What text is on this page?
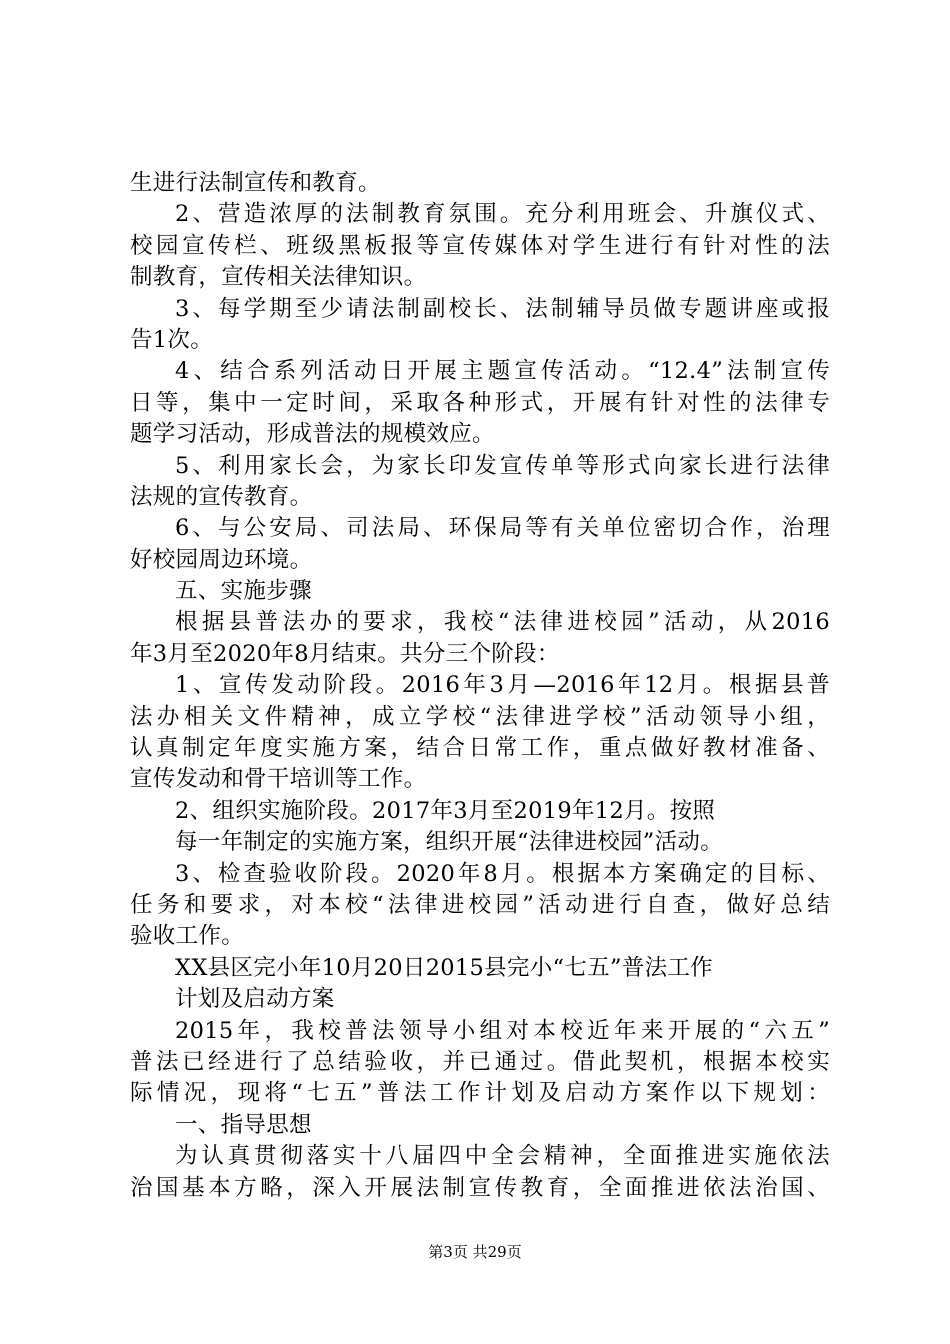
生进行法制宣传和教育。
2、营造浓厚的法制教育氛围。充分利用班会、升旗仪式、
校园宣传栏、班级黑板报等宣传媒体对学生进行有针对性的法
制教育，宣传相关法律知识。
3、每学期至少请法制副校长、法制辅导员做专题讲座或报
告1次。
4、结合系列活动日开展主题宣传活动。“12.4”法制宣传
日等，集中一定时间，采取各种形式，开展有针对性的法律专
题学习活动，形成普法的规模效应。
5、利用家长会，为家长印发宣传单等形式向家长进行法律
法规的宣传教育。
6、与公安局、司法局、环保局等有关单位密切合作，治理
好校园周边环境。
五、实施步骤
根据县普法办的要求，我校“法律进校园”活动，从2016
年3月至2020年8月结束。共分三个阶段：
1、宣传发动阶段。2016年3月—2016年12月。根据县普
法办相关文件精神，成立学校“法律进学校”活动领导小组，
认真制定年度实施方案，结合日常工作，重点做好教材准备、
宣传发动和骨干培训等工作。
2、组织实施阶段。2017年3月至2019年12月。按照
每一年制定的实施方案，组织开展“法律进校园”活动。
3、检查验收阶段。2020年8月。根据本方案确定的目标、
任务和要求，对本校“法律进校园”活动进行自查，做好总结
验收工作。
XX县区完小年10月20日2015县完小“七五”普法工作
计划及启动方案
2015年，我校普法领导小组对本校近年来开展的“六五”
普法已经进行了总结验收，并已通过。借此契机，根据本校实
际情况，现将“七五”普法工作计划及启动方案作以下规划：
一、指导思想
为认真贯彻落实十八届四中全会精神，全面推进实施依法
治国基本方略，深入开展法制宣传教育，全面推进依法治国、
第3页 共29页
